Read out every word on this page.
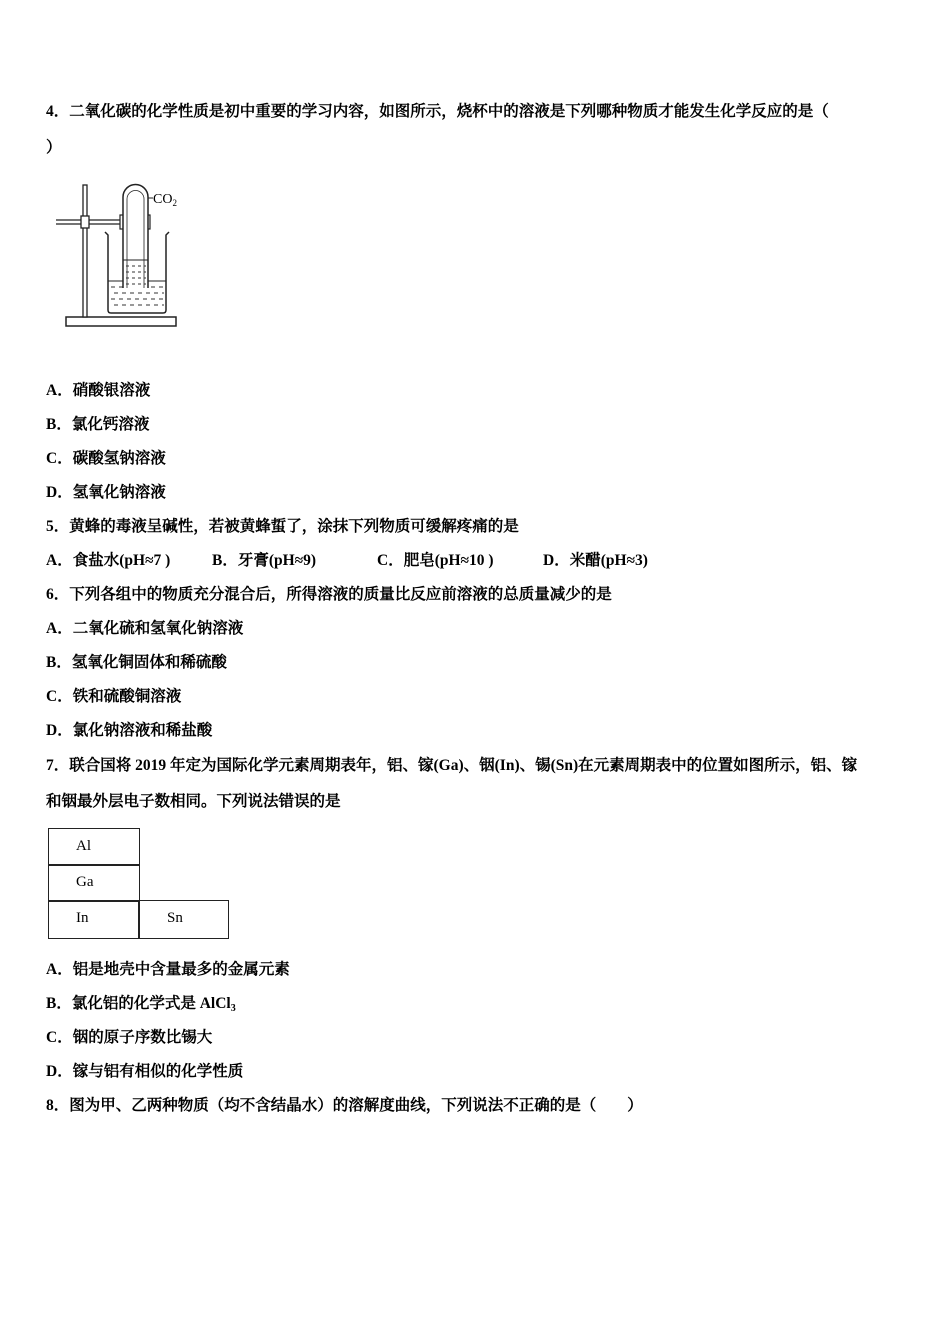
4．二氧化碳的化学性质是初中重要的学习内容，如图所示，烧杯中的溶液是下列哪种物质才能发生化学反应的是（
）
$CO_2$
A．硝酸银溶液
B．氯化钙溶液
C．碳酸氢钠溶液
D．氢氧化钠溶液
5．黄蜂的毒液呈碱性，若被黄蜂蜇了，涂抹下列物质可缓解疼痛的是
A．食盐水(pH≈7 )	B．牙膏(pH≈9)	C．肥皂(pH≈10 )	D．米醋(pH≈3)
6．下列各组中的物质充分混合后，所得溶液的质量比反应前溶液的总质量减少的是
A．二氧化硫和氢氧化钠溶液
B．氢氧化铜固体和稀硫酸
C．铁和硫酸铜溶液
D．氯化钠溶液和稀盐酸
7．联合国将 2019 年定为国际化学元素周期表年，铝、镓(Ga)、铟(In)、锡(Sn)在元素周期表中的位置如图所示，铝、镓
和铟最外层电子数相同。下列说法错误的是
Al
Ga
In	Sn
A．铝是地壳中含量最多的金属元素
B．氯化铝的化学式是 AlCl$_3$
C．铟的原子序数比锡大
D．镓与铝有相似的化学性质
8．图为甲、乙两种物质（均不含结晶水）的溶解度曲线，下列说法不正确的是（　　）
